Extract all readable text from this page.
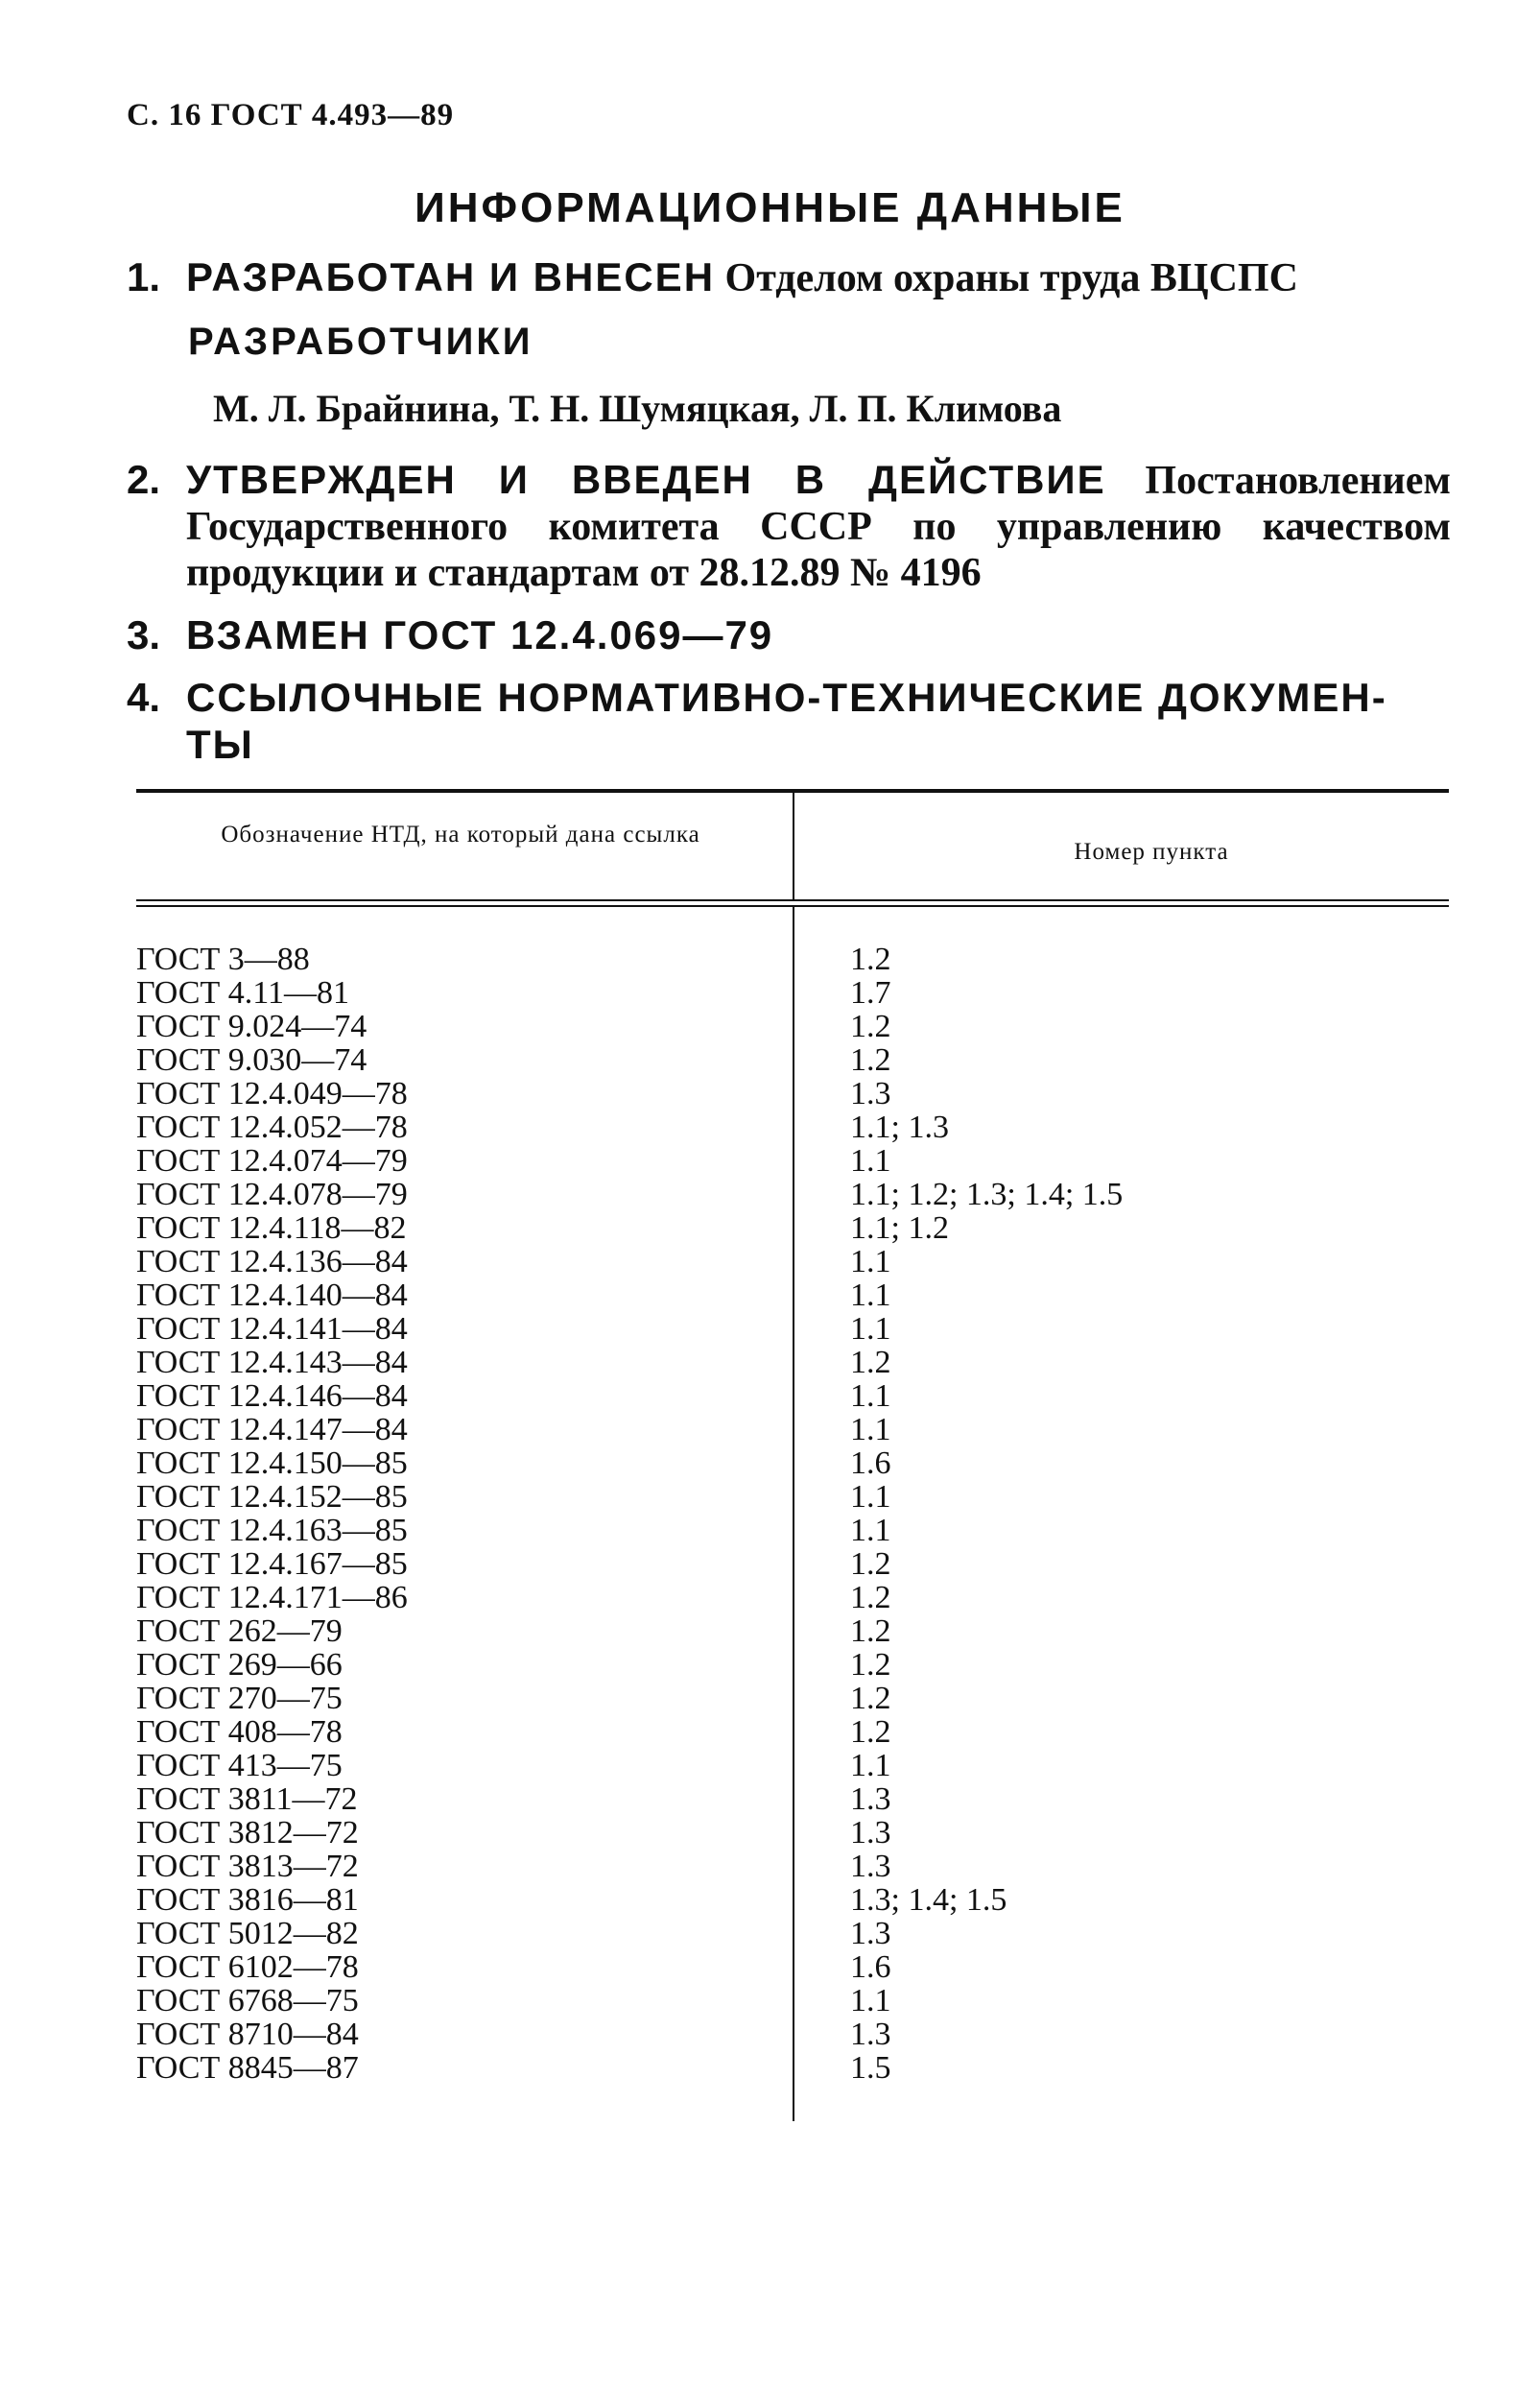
С. 16 ГОСТ 4.493—89
ИНФОРМАЦИОННЫЕ ДАННЫЕ
1. РАЗРАБОТАН И ВНЕСЕН Отделом охраны труда ВЦСПС
РАЗРАБОТЧИКИ
М. Л. Брайнина, Т. Н. Шумяцкая, Л. П. Климова
2. УТВЕРЖДЕН И ВВЕДЕН В ДЕЙСТВИЕ Постановлением Государственного комитета СССР по управлению качеством продукции и стандартам от 28.12.89 № 4196
3. ВЗАМЕН ГОСТ 12.4.069—79
4. ССЫЛОЧНЫЕ НОРМАТИВНО-ТЕХНИЧЕСКИЕ ДОКУМЕН-ТЫ
Обозначение НТД, на который дана ссылка
Номер пункта
ГОСТ 3—88	1.2
ГОСТ 4.11—81	1.7
ГОСТ 9.024—74	1.2
ГОСТ 9.030—74	1.2
ГОСТ 12.4.049—78	1.3
ГОСТ 12.4.052—78	1.1; 1.3
ГОСТ 12.4.074—79	1.1
ГОСТ 12.4.078—79	1.1; 1.2; 1.3; 1.4; 1.5
ГОСТ 12.4.118—82	1.1; 1.2
ГОСТ 12.4.136—84	1.1
ГОСТ 12.4.140—84	1.1
ГОСТ 12.4.141—84	1.1
ГОСТ 12.4.143—84	1.2
ГОСТ 12.4.146—84	1.1
ГОСТ 12.4.147—84	1.1
ГОСТ 12.4.150—85	1.6
ГОСТ 12.4.152—85	1.1
ГОСТ 12.4.163—85	1.1
ГОСТ 12.4.167—85	1.2
ГОСТ 12.4.171—86	1.2
ГОСТ 262—79	1.2
ГОСТ 269—66	1.2
ГОСТ 270—75	1.2
ГОСТ 408—78	1.2
ГОСТ 413—75	1.1
ГОСТ 3811—72	1.3
ГОСТ 3812—72	1.3
ГОСТ 3813—72	1.3
ГОСТ 3816—81	1.3; 1.4; 1.5
ГОСТ 5012—82	1.3
ГОСТ 6102—78	1.6
ГОСТ 6768—75	1.1
ГОСТ 8710—84	1.3
ГОСТ 8845—87	1.5
